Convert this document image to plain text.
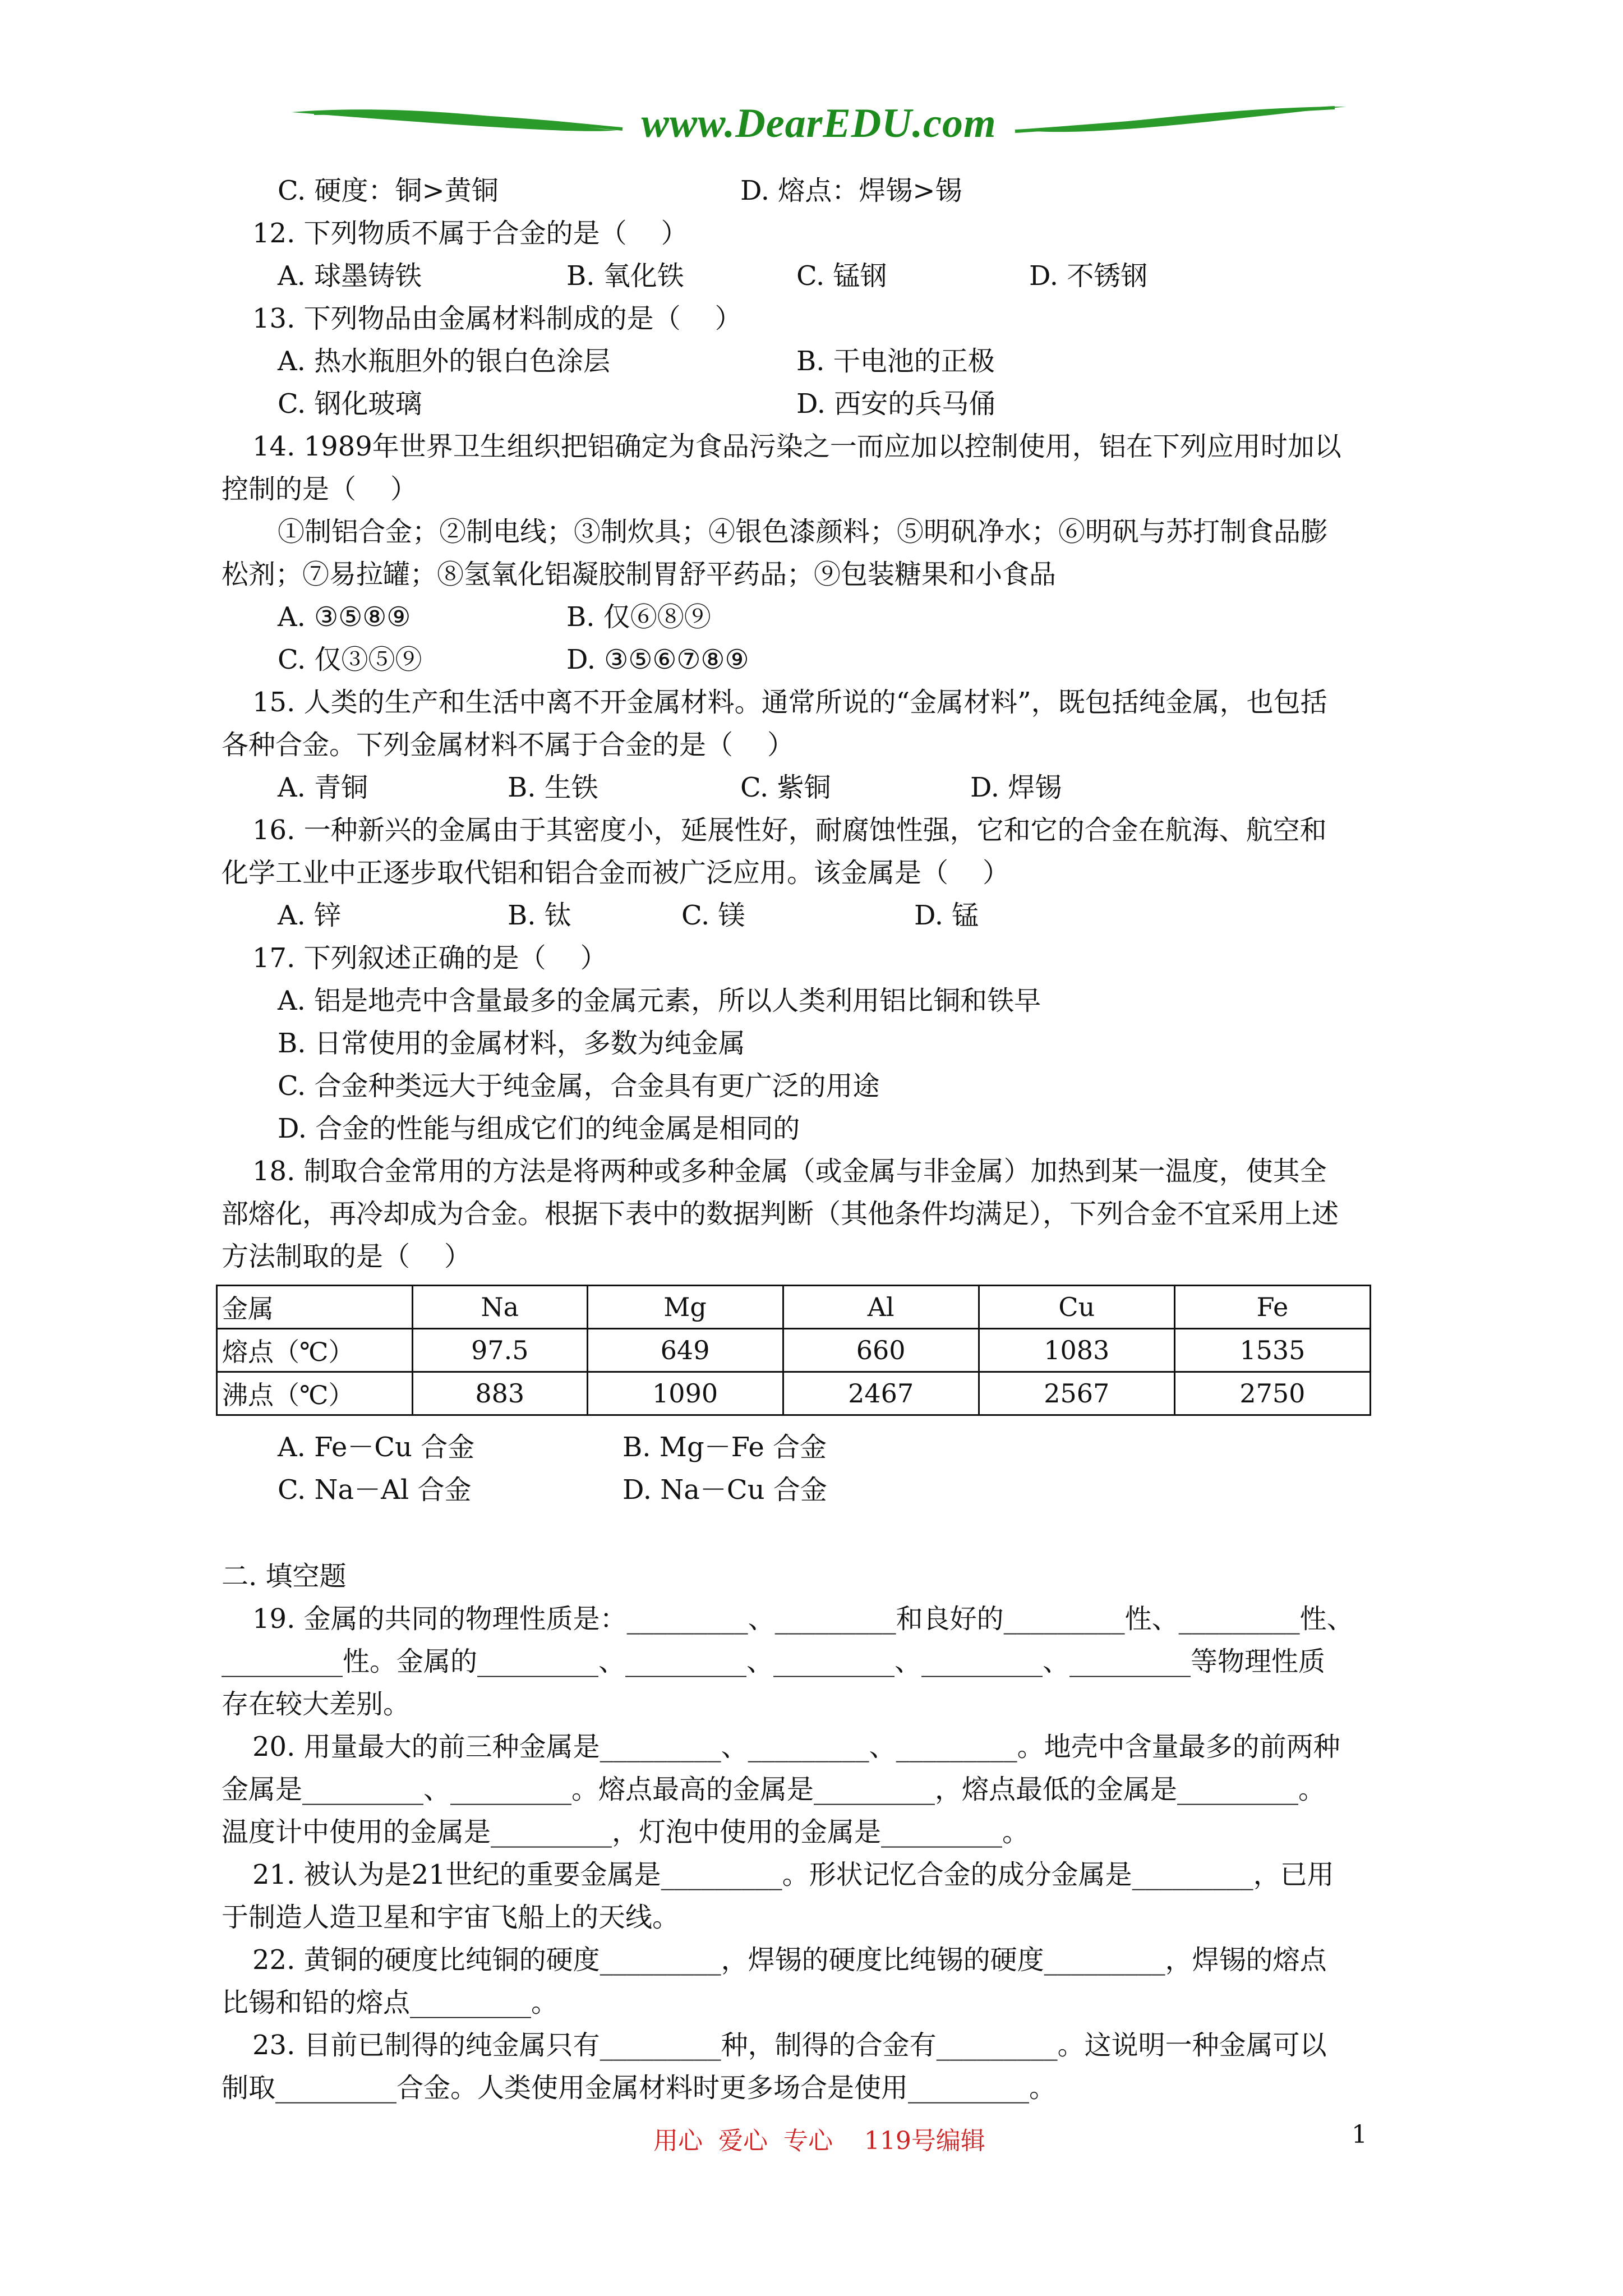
www.DearEDU.com
C. 硬度：铜>黄铜	D. 熔点：焊锡>锡
12. 下列物质不属于合金的是（    ）
A. 球墨铸铁	B. 氧化铁	C. 锰钢	D. 不锈钢
13. 下列物品由金属材料制成的是（    ）
A. 热水瓶胆外的银白色涂层	B. 干电池的正极
C. 钢化玻璃	D. 西安的兵马俑
14. 1989年世界卫生组织把铝确定为食品污染之一而应加以控制使用，铝在下列应用时加以
控制的是（    ）
①制铝合金；②制电线；③制炊具；④银色漆颜料；⑤明矾净水；⑥明矾与苏打制食品膨
松剂；⑦易拉罐；⑧氢氧化铝凝胶制胃舒平药品；⑨包装糖果和小食品
A. ③⑤⑧⑨	B. 仅⑥⑧⑨
C. 仅③⑤⑨	D. ③⑤⑥⑦⑧⑨
15. 人类的生产和生活中离不开金属材料。通常所说的“金属材料”，既包括纯金属，也包括
各种合金。下列金属材料不属于合金的是（    ）
A. 青铜	B. 生铁	C. 紫铜	D. 焊锡
16. 一种新兴的金属由于其密度小，延展性好，耐腐蚀性强，它和它的合金在航海、航空和
化学工业中正逐步取代铝和铝合金而被广泛应用。该金属是（    ）
A. 锌	B. 钛	C. 镁	D. 锰
17. 下列叙述正确的是（    ）
A. 铝是地壳中含量最多的金属元素，所以人类利用铝比铜和铁早
B. 日常使用的金属材料，多数为纯金属
C. 合金种类远大于纯金属，合金具有更广泛的用途
D. 合金的性能与组成它们的纯金属是相同的
18. 制取合金常用的方法是将两种或多种金属（或金属与非金属）加热到某一温度，使其全
部熔化，再冷却成为合金。根据下表中的数据判断（其他条件均满足），下列合金不宜采用上述
方法制取的是（    ）
金属	Na	Mg	Al	Cu	Fe
熔点（℃）	97.5	649	660	1083	1535
沸点（℃）	883	1090	2467	2567	2750
A. Fe－Cu 合金	B. Mg－Fe 合金
C. Na－Al 合金	D. Na－Cu 合金
二. 填空题
19. 金属的共同的物理性质是：_________、_________和良好的_________性、_________性、
_________性。金属的_________、_________、_________、_________、_________等物理性质
存在较大差别。
20. 用量最大的前三种金属是_________、_________、_________。地壳中含量最多的前两种
金属是_________、_________。熔点最高的金属是_________，熔点最低的金属是_________。
温度计中使用的金属是_________，灯泡中使用的金属是_________。
21. 被认为是21世纪的重要金属是_________。形状记忆合金的成分金属是_________，已用
于制造人造卫星和宇宙飞船上的天线。
22. 黄铜的硬度比纯铜的硬度_________，焊锡的硬度比纯锡的硬度_________，焊锡的熔点
比锡和铅的熔点_________。
23. 目前已制得的纯金属只有_________种，制得的合金有_________。这说明一种金属可以
制取_________合金。人类使用金属材料时更多场合是使用_________。
用心  爱心  专心    119号编辑	1
